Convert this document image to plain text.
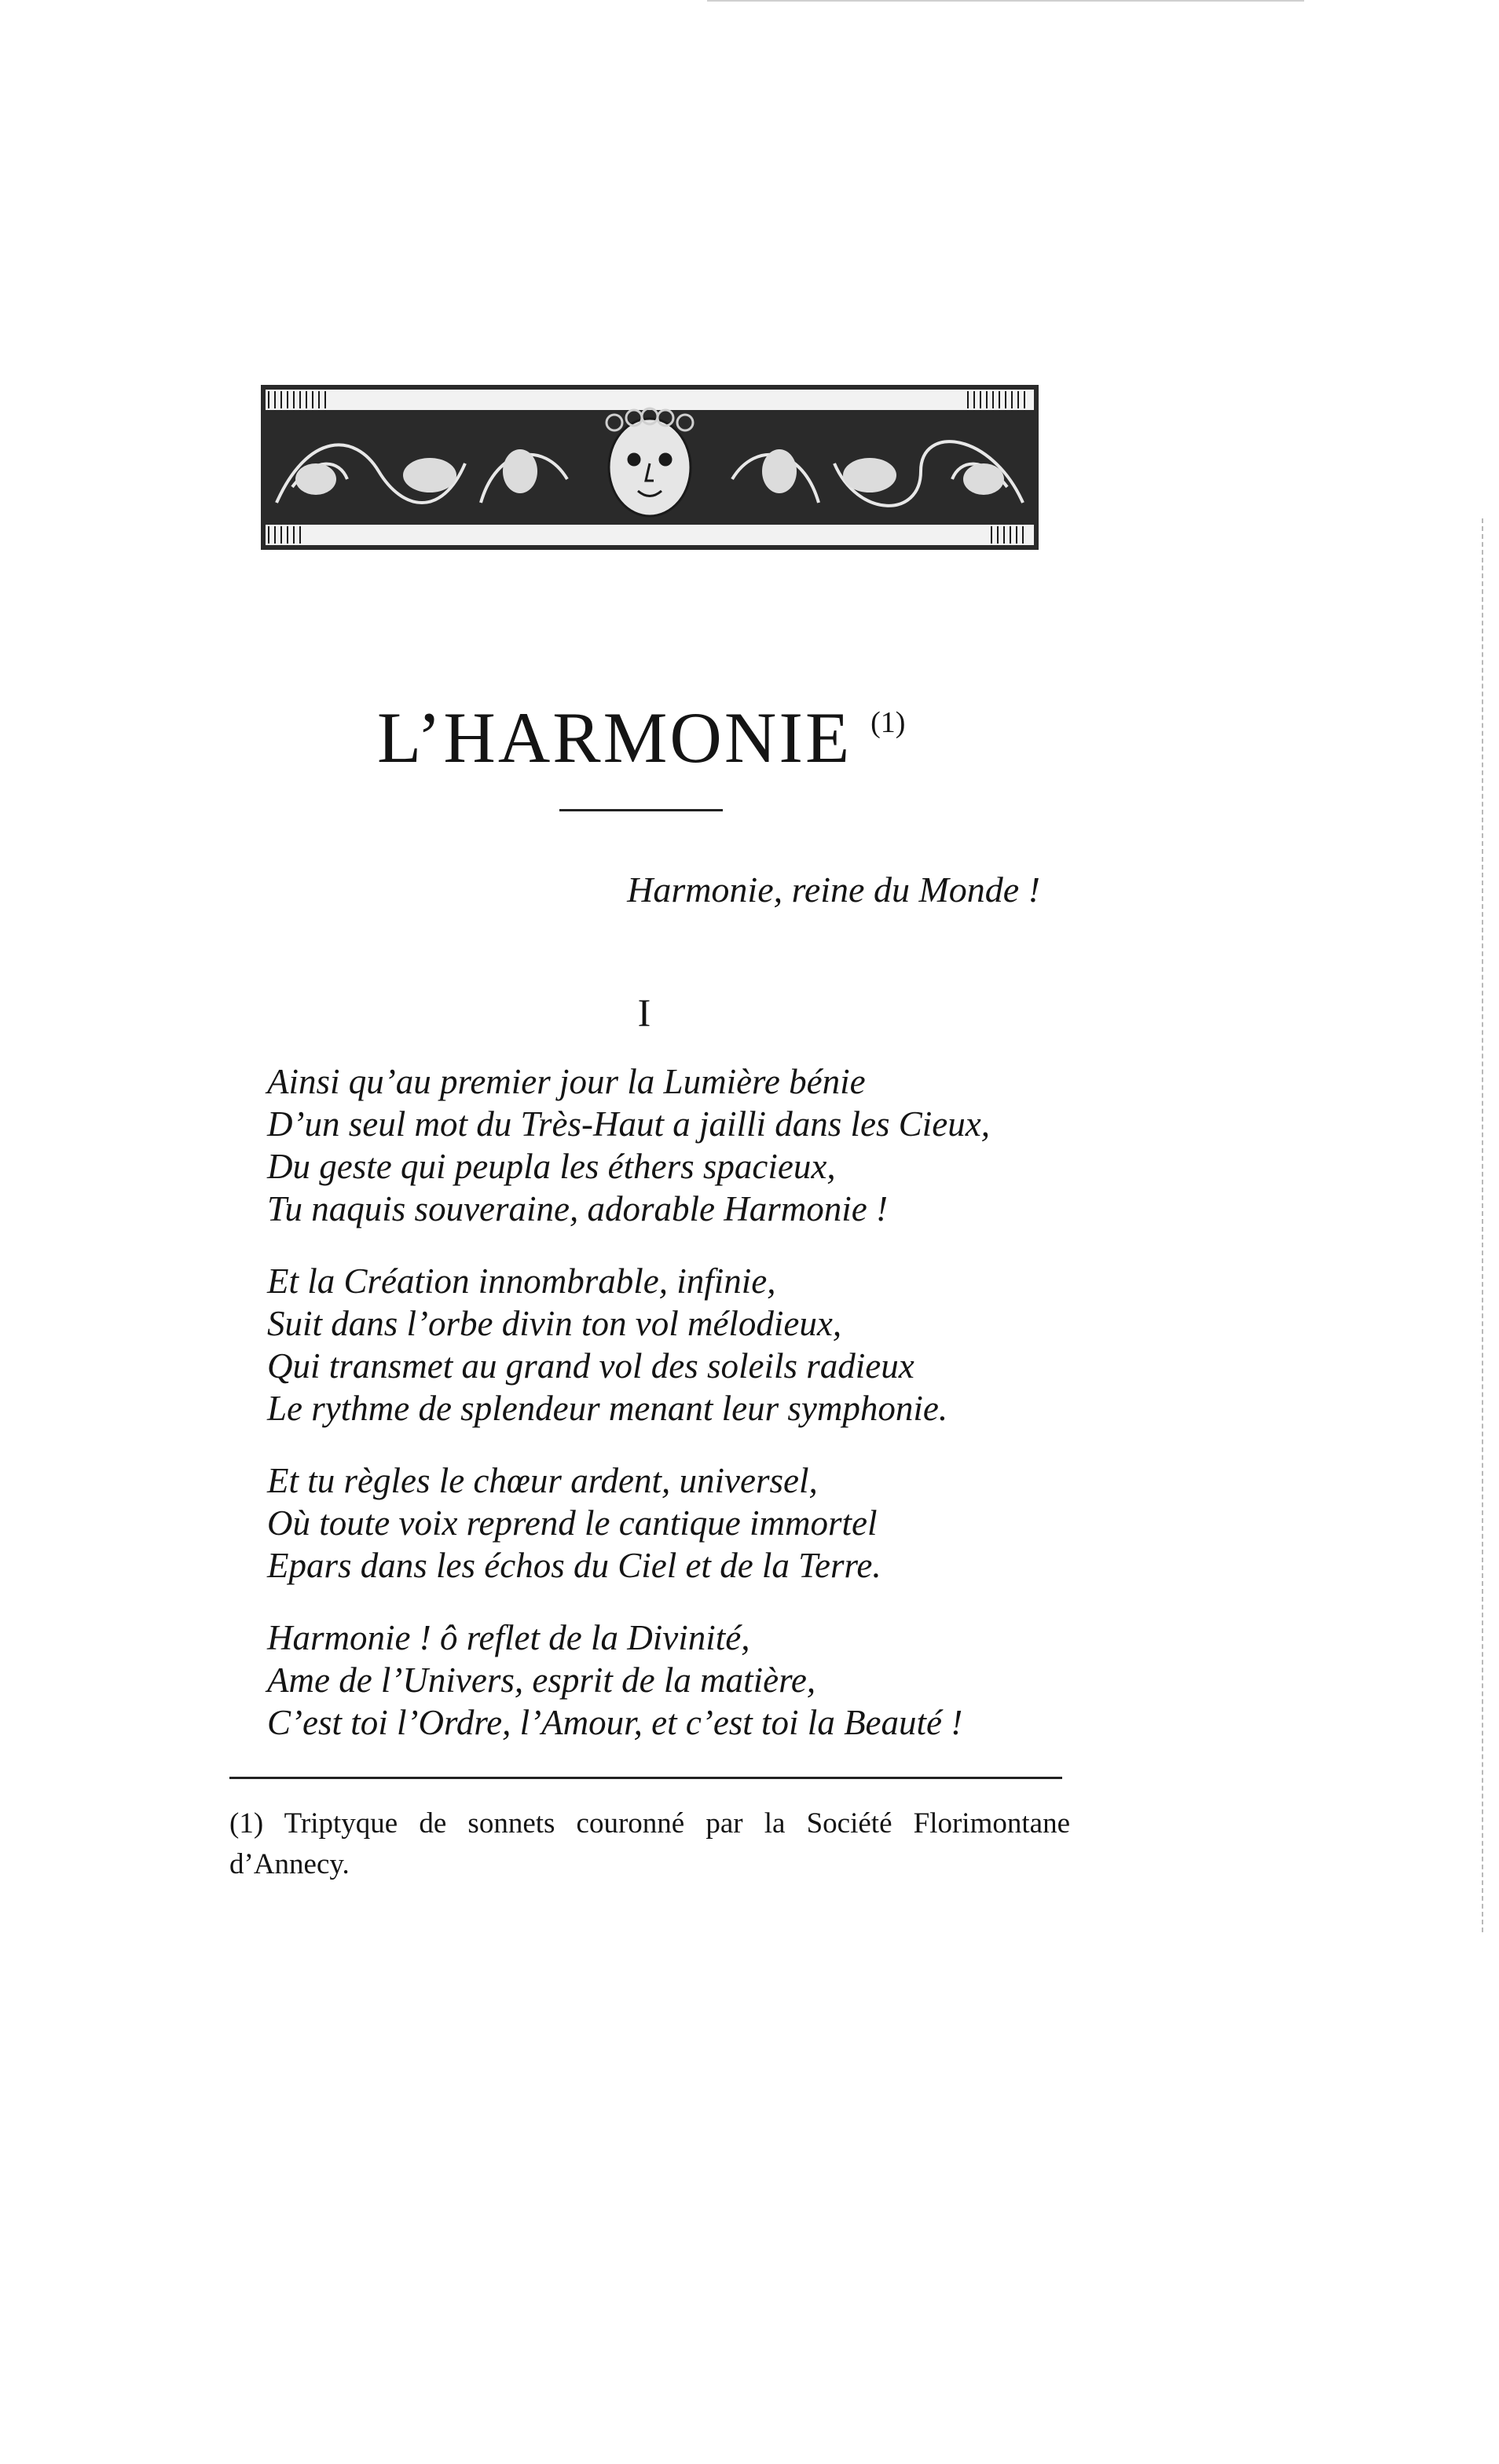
L’HARMONIE $^{(1)}$
Harmonie, reine du Monde !
I
Ainsi qu’au premier jour la Lumière bénie
D’un seul mot du Très-Haut a jailli dans les Cieux,
Du geste qui peupla les éthers spacieux,
Tu naquis souveraine, adorable Harmonie !
Et la Création innombrable, infinie,
Suit dans l’orbe divin ton vol mélodieux,
Qui transmet au grand vol des soleils radieux
Le rythme de splendeur menant leur symphonie.
Et tu règles le chœur ardent, universel,
Où toute voix reprend le cantique immortel
Epars dans les échos du Ciel et de la Terre.
Harmonie ! ô reflet de la Divinité,
Ame de l’Univers, esprit de la matière,
C’est toi l’Ordre, l’Amour, et c’est toi la Beauté !
(1) Triptyque de sonnets couronné par la Société Florimontane d’Annecy.
